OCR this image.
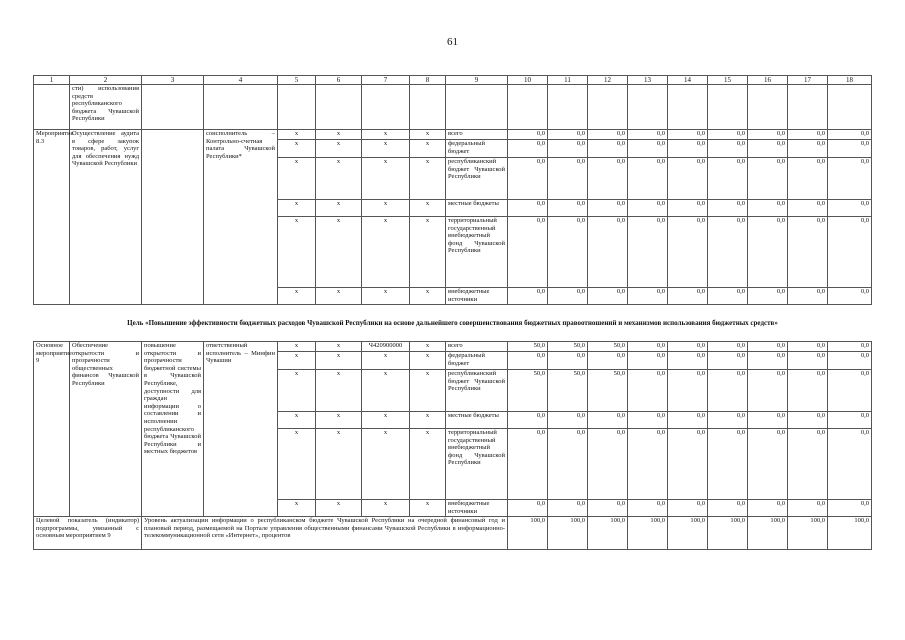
61
1	2	3	4	5	6	7	8	9	10	11	12	13	14	15	16	17	18
	сти) использования средств республиканского бюджета Чувашской Республики																
Мероприятие 8.3	Осуществление аудита в сфере закупок товаров, работ, услуг для обеспечения нужд Чувашской Республики		соисполнитель – Контрольно-счетная палата Чувашской Республики*	x	x	x	x	всего	0,0	0,0	0,0	0,0	0,0	0,0	0,0	0,0	0,0
				x	x	x	x	федеральный бюджет	0,0	0,0	0,0	0,0	0,0	0,0	0,0	0,0	0,0
				x	x	x	x	республиканский бюджет Чувашской Республики	0,0	0,0	0,0	0,0	0,0	0,0	0,0	0,0	0,0
				x	x	x	x	местные бюджеты	0,0	0,0	0,0	0,0	0,0	0,0	0,0	0,0	0,0
				x	x	x	x	территориальный государственный внебюджетный фонд Чувашской Республики	0,0	0,0	0,0	0,0	0,0	0,0	0,0	0,0	0,0
				x	x	x	x	внебюджетные источники	0,0	0,0	0,0	0,0	0,0	0,0	0,0	0,0	0,0
Цель «Повышение эффективности бюджетных расходов Чувашской Республики на основе дальнейшего совершенствования бюджетных правоотношений и механизмов использования бюджетных средств»																	
Основное мероприятие 9	Обеспечение открытости и прозрачности общественных финансов Чувашской Республики	повышение открытости и прозрачности бюджетной системы в Чувашской Республике, доступности для граждан информации о составлении и исполнении республиканского бюджета Чувашской Республики и местных бюджетов	ответственный исполнитель – Минфин Чувашии	x	x	Ч420900000	x	всего	50,0	50,0	50,0	0,0	0,0	0,0	0,0	0,0	0,0
				x	x	x	x	федеральный бюджет	0,0	0,0	0,0	0,0	0,0	0,0	0,0	0,0	0,0
				x	x	x	x	республиканский бюджет Чувашской Республики	50,0	50,0	50,0	0,0	0,0	0,0	0,0	0,0	0,0
				x	x	x	x	местные бюджеты	0,0	0,0	0,0	0,0	0,0	0,0	0,0	0,0	0,0
				x	x	x	x	территориальный государственный внебюджетный фонд Чувашской Республики	0,0	0,0	0,0	0,0	0,0	0,0	0,0	0,0	0,0
				x	x	x	x	внебюджетные источники	0,0	0,0	0,0	0,0	0,0	0,0	0,0	0,0	0,0
Целевой показатель (индикатор) подпрограммы, увязанный с основным мероприятием 9		Уровень актуализации информации о республиканском бюджете Чувашской Республики на очередной финансовый год и плановый период, размещаемой на Портале управления общественными финансами Чувашской Республики в информационно-телекоммуникационной сети «Интернет», процентов							100,0	100,0	100,0	100,0	100,0	100,0	100,0	100,0	100,0
